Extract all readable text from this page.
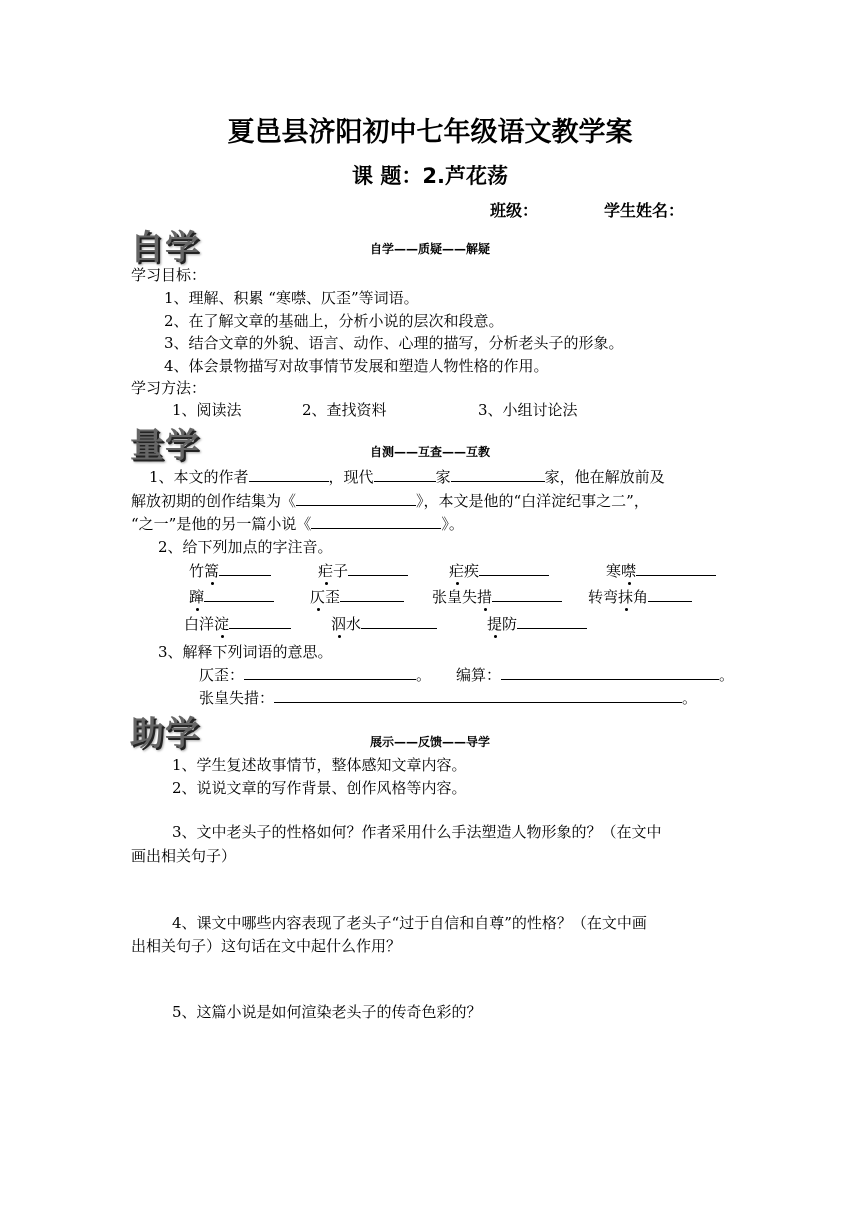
夏邑县济阳初中七年级语文教学案
课 题：2.芦花荡
班级：	学生姓名：
自学	自学——质疑——解疑
学习目标：
1、理解、积累 “寒噤、仄歪”等词语。
2、在了解文章的基础上，分析小说的层次和段意。
3、结合文章的外貌、语言、动作、心理的描写，分析老头子的形象。
4、体会景物描写对故事情节发展和塑造人物性格的作用。
学习方法：
1、阅读法	2、查找资料	3、小组讨论法
量学	自测——互查——互教
1、本文的作者	，现代	家	家，他在解放前及
解放初期的创作结集为《	》，本文是他的“白洋淀纪事之二”，
“之一”是他的另一篇小说《	》。
2、给下列加点的字注音。
竹篙	疟子	疟疾	寒噤
蹿	仄歪	张皇失措	转弯抹角
白洋淀	泅水	提防
3、解释下列词语的意思。
仄歪：	。 编算：	。
张皇失措：	。
助学	展示——反馈——导学
1、学生复述故事情节，整体感知文章内容。
2、说说文章的写作背景、创作风格等内容。
3、文中老头子的性格如何？作者采用什么手法塑造人物形象的？（在文中
画出相关句子）
4、课文中哪些内容表现了老头子“过于自信和自尊”的性格？（在文中画
出相关句子）这句话在文中起什么作用？
5、这篇小说是如何渲染老头子的传奇色彩的？
